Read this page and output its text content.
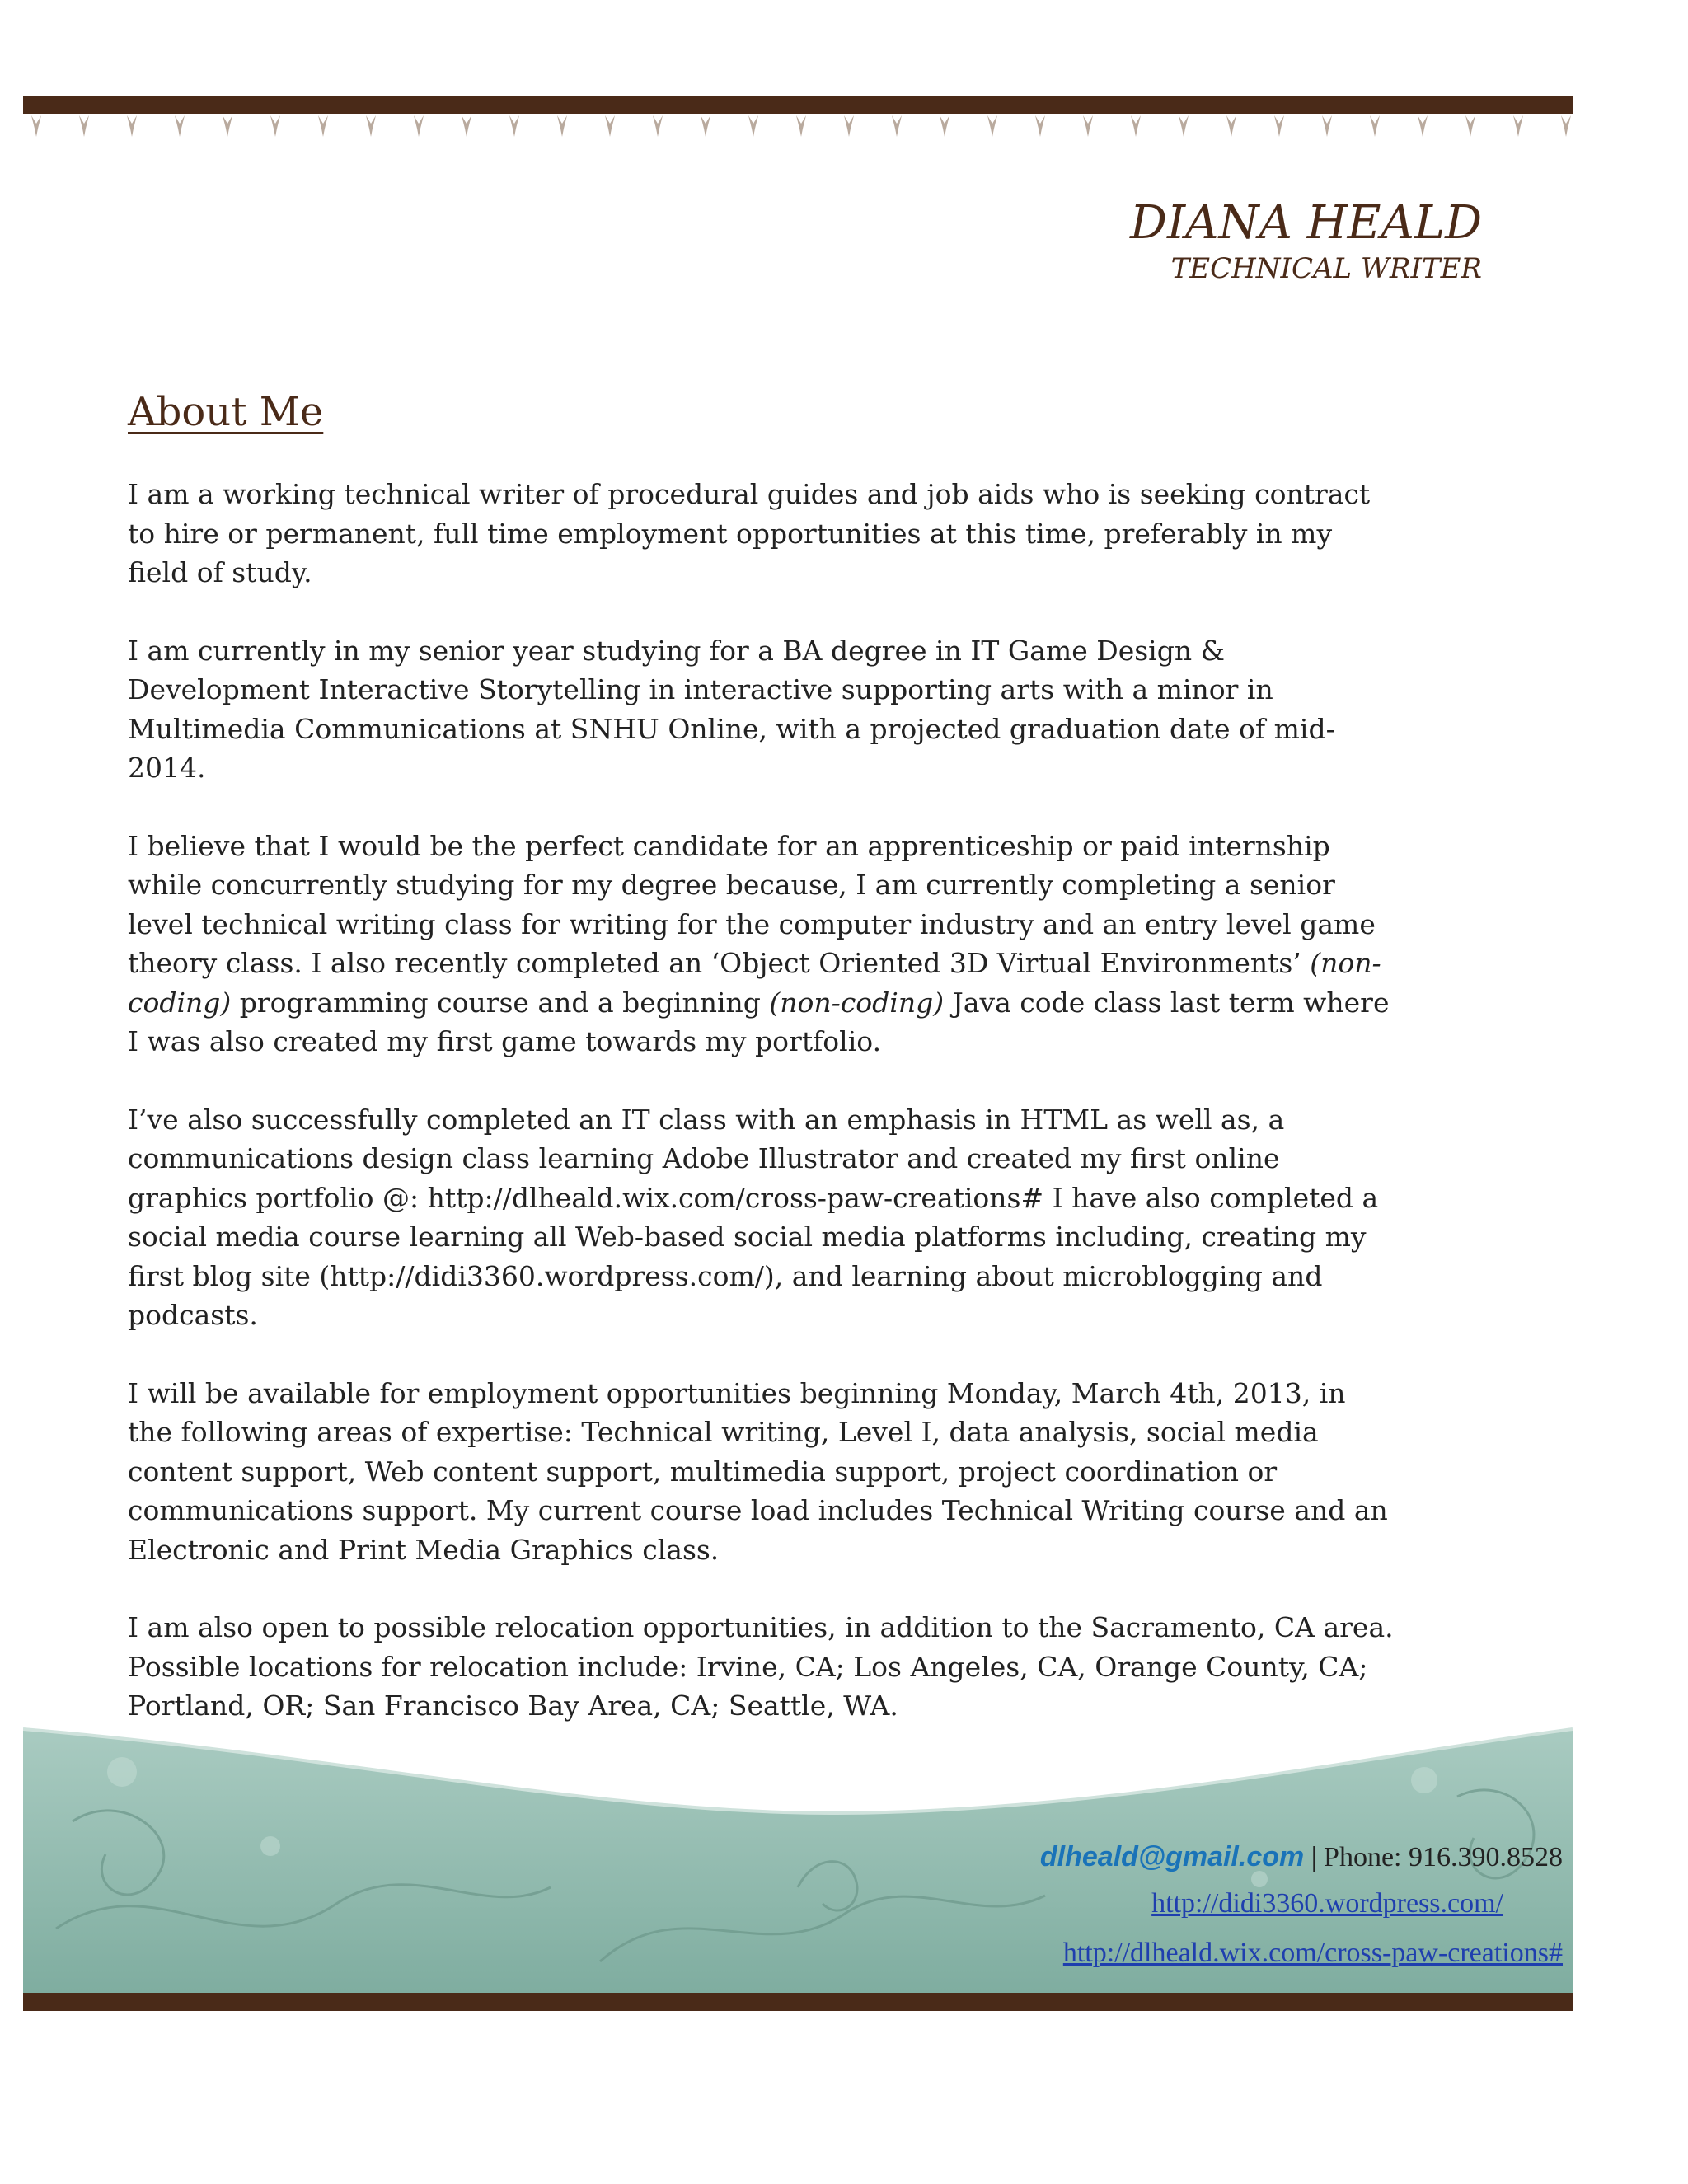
DIANA HEALD
TECHNICAL WRITER
About Me

I am a working technical writer of procedural guides and job aids who is seeking contract to hire or permanent, full time employment opportunities at this time, preferably in my field of study.

I am currently in my senior year studying for a BA degree in IT Game Design & Development Interactive Storytelling in interactive supporting arts with a minor in Multimedia Communications at SNHU Online, with a projected graduation date of mid-2014.

I believe that I would be the perfect candidate for an apprenticeship or paid internship while concurrently studying for my degree because, I am currently completing a senior level technical writing class for writing for the computer industry and an entry level game theory class. I also recently completed an ‘Object Oriented 3D Virtual Environments’ (non-coding) programming course and a beginning (non-coding) Java code class last term where I was also created my first game towards my portfolio.

I’ve also successfully completed an IT class with an emphasis in HTML as well as, a communications design class learning Adobe Illustrator and created my first online graphics portfolio @: http://dlheald.wix.com/cross-paw-creations# I have also completed a social media course learning all Web-based social media platforms including, creating my first blog site (http://didi3360.wordpress.com/), and learning about microblogging and podcasts.

I will be available for employment opportunities beginning Monday, March 4th, 2013, in the following areas of expertise: Technical writing, Level I, data analysis, social media content support, Web content support, multimedia support, project coordination or communications support. My current course load includes Technical Writing course and an Electronic and Print Media Graphics class.

I am also open to possible relocation opportunities, in addition to the Sacramento, CA area. Possible locations for relocation include: Irvine, CA; Los Angeles, CA, Orange County, CA; Portland, OR; San Francisco Bay Area, CA; Seattle, WA.

dlheald@gmail.com | Phone: 916.390.8528
http://didi3360.wordpress.com/
http://dlheald.wix.com/cross-paw-creations#
